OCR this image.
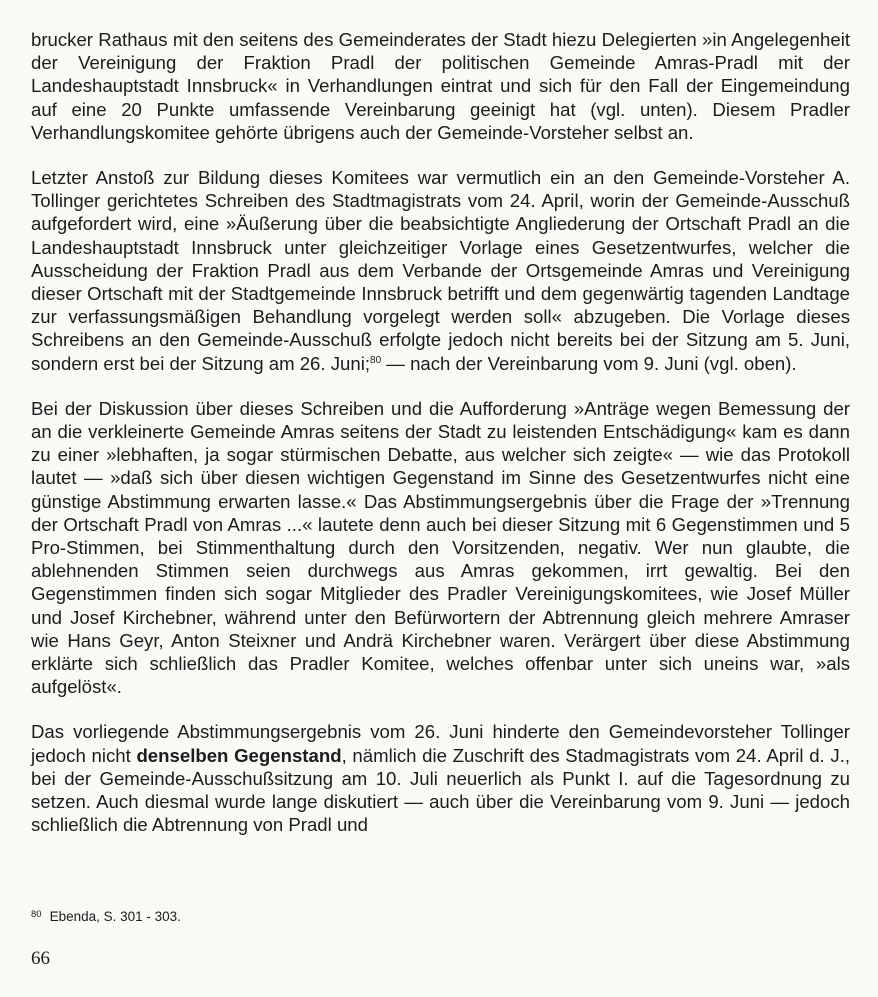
brucker Rathaus mit den seitens des Gemeinderates der Stadt hiezu Delegierten »in Angelegenheit der Vereinigung der Fraktion Pradl der politischen Gemeinde Amras-Pradl mit der Landeshauptstadt Innsbruck« in Verhandlungen eintrat und sich für den Fall der Eingemeindung auf eine 20 Punkte umfassende Vereinbarung geeinigt hat (vgl. unten). Diesem Pradler Verhandlungskomitee gehörte übrigens auch der Gemeinde-Vorsteher selbst an.

Letzter Anstoß zur Bildung dieses Komitees war vermutlich ein an den Gemeinde-Vorsteher A. Tollinger gerichtetes Schreiben des Stadtmagistrats vom 24. April, worin der Gemeinde-Ausschuß aufgefordert wird, eine »Äußerung über die beabsichtigte Angliederung der Ortschaft Pradl an die Landeshauptstadt Innsbruck unter gleichzeitiger Vorlage eines Gesetzentwurfes, welcher die Ausscheidung der Fraktion Pradl aus dem Verbande der Ortsgemeinde Amras und Vereinigung dieser Ortschaft mit der Stadtgemeinde Innsbruck betrifft und dem gegenwärtig tagenden Landtage zur verfassungsmäßigen Behandlung vorgelegt werden soll« abzugeben. Die Vorlage dieses Schreibens an den Gemeinde-Ausschuß erfolgte jedoch nicht bereits bei der Sitzung am 5. Juni, sondern erst bei der Sitzung am 26. Juni;$^{80}$ — nach der Vereinbarung vom 9. Juni (vgl. oben).

Bei der Diskussion über dieses Schreiben und die Aufforderung »Anträge wegen Bemessung der an die verkleinerte Gemeinde Amras seitens der Stadt zu leistenden Entschädigung« kam es dann zu einer »lebhaften, ja sogar stürmischen Debatte, aus welcher sich zeigte« — wie das Protokoll lautet — »daß sich über diesen wichtigen Gegenstand im Sinne des Gesetzentwurfes nicht eine günstige Abstimmung erwarten lasse.« Das Abstimmungsergebnis über die Frage der »Trennung der Ortschaft Pradl von Amras ...« lautete denn auch bei dieser Sitzung mit 6 Gegenstimmen und 5 Pro-Stimmen, bei Stimmenthaltung durch den Vorsitzenden, negativ. Wer nun glaubte, die ablehnenden Stimmen seien durchwegs aus Amras gekommen, irrt gewaltig. Bei den Gegenstimmen finden sich sogar Mitglieder des Pradler Vereinigungskomitees, wie Josef Müller und Josef Kirchebner, während unter den Befürwortern der Abtrennung gleich mehrere Amraser wie Hans Geyr, Anton Steixner und Andrä Kirchebner waren. Verärgert über diese Abstimmung erklärte sich schließlich das Pradler Komitee, welches offenbar unter sich uneins war, »als aufgelöst«.

Das vorliegende Abstimmungsergebnis vom 26. Juni hinderte den Gemeindevorsteher Tollinger jedoch nicht denselben Gegenstand, nämlich die Zuschrift des Stadmagistrats vom 24. April d. J., bei der Gemeinde-Ausschußsitzung am 10. Juli neuerlich als Punkt I. auf die Tagesordnung zu setzen. Auch diesmal wurde lange diskutiert — auch über die Vereinbarung vom 9. Juni — jedoch schließlich die Abtrennung von Pradl und

$^{80}$ Ebenda, S. 301 - 303.
66
